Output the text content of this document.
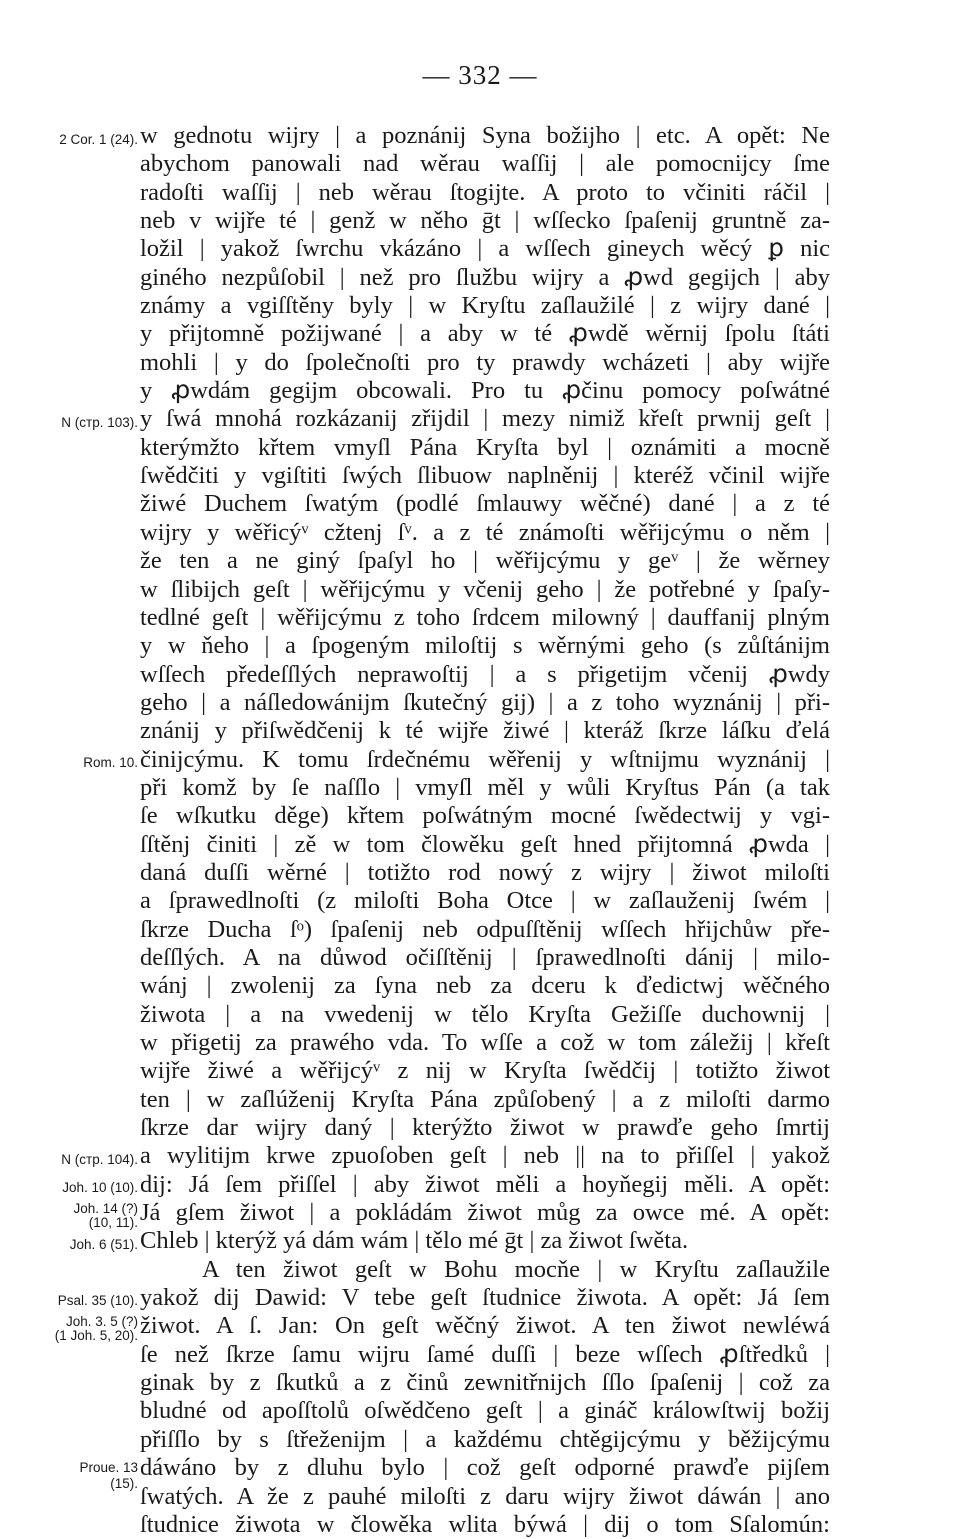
— 332 —
w gednotu wijry | a poznánij Syna božijho | etc. A opět: Ne
abychom panowali nad wěrau waſſij | ale pomocnijcy ſme
radoſti waſſij | neb wěrau ſtogijte. A proto to včiniti ráčil |
neb v wijře té | genž w něho ḡt | wſſecko ſpaſenij gruntně za-
ložil | yakož ſwrchu vkázáno | a wſſech gineych wěcý ꝑ nic
giného nezpůſobil | než pro ſlužbu wijry a ꝓwd gegijch | aby
známy a vgiſſtěny byly | w Kryſtu zaſlaužilé | z wijry dané |
y přijtomně požijwané | a aby w té ꝓwdě wěrnij ſpolu ſtáti
mohli | y do ſpolečnoſti pro ty prawdy wcházeti | aby wijře
y ꝓwdám gegijm obcowali. Pro tu ꝓčinu pomocy poſwátné
y ſwá mnohá rozkázanij zřijdil | mezy nimiž křeſt prwnij geſt |
kterýmžto křtem vmyſl Pána Kryſta byl | oznámiti a mocně
ſwědčiti y vgiſtiti ſwých ſlibuow naplněnij | kteréž včinil wijře
žiwé Duchem ſwatým (podlé ſmlauwy wěčné) dané | a z té
wijry y wěřicýᵛ cžtenj ſᵛ. a z té známoſti wěřijcýmu o něm |
že ten a ne giný ſpaſyl ho | wěřijcýmu y geᵛ | že wěrney
w ſlibijch geſt | wěřijcýmu y včenij geho | že potřebné y ſpaſy-
tedlné geſt | wěřijcýmu z toho ſrdcem milowný | dauffanij plným
y w ňeho | a ſpogeným miloſtij s wěrnými geho (s zůſtánijm
wſſech předeſſlých neprawoſtij | a s přigetijm včenij ꝓwdy
geho | a náſledowánijm ſkutečný gij) | a z toho wyznánij | při-
znánij y přiſwědčenij k té wijře žiwé | kteráž ſkrze láſku ďelá
činijcýmu. K tomu ſrdečnému wěřenij y wſtnijmu wyznánij |
při komž by ſe naſſlo | vmyſl měl y wůli Kryſtus Pán (a tak
ſe wſkutku děge) křtem poſwátným mocné ſwědectwij y vgi-
ſſtěnj činiti | zě w tom člowěku geſt hned přijtomná ꝓwda |
daná duſſi wěrné | totižto rod nowý z wijry | žiwot miloſti
a ſprawedlnoſti (z miloſti Boha Otce | w zaſlauženij ſwém |
ſkrze Ducha ſᵒ) ſpaſenij neb odpuſſtěnij wſſech hřijchůw pře-
deſſlých. A na důwod očiſſtěnij | ſprawedlnoſti dánij | milo-
wánj | zwolenij za ſyna neb za dceru k ďedictwj wěčného
žiwota | a na vwedenij w tělo Kryſta Gežiſſe duchownij |
w přigetij za prawého vda. To wſſe a což w tom záležij | křeſt
wijře žiwé a wěřijcýᵛ z nij w Kryſta ſwědčij | totižto žiwot
ten | w zaſlúženij Kryſta Pána způſobený | a z miloſti darmo
ſkrze dar wijry daný | kterýžto žiwot w prawďe geho ſmrtij
a wylitijm krwe zpuoſoben geſt | neb || na to přiſſel | yakož
dij: Já ſem přiſſel | aby žiwot měli a hoyňegij měli. A opět:
Já gſem žiwot | a pokládám žiwot můg za owce mé. A opět:
Chleb | kterýž yá dám wám | tělo mé ḡt | za žiwot ſwěta.
A ten žiwot geſt w Bohu mocňe | w Kryſtu zaſlaužile
yakož dij Dawid: V tebe geſt ſtudnice žiwota. A opět: Já ſem
žiwot. A ſ. Jan: On geſt wěčný žiwot. A ten žiwot newléwá
ſe než ſkrze ſamu wijru ſamé duſſi | beze wſſech ꝓſtředků |
ginak by z ſkutků a z činů zewnitřnijch ſſlo ſpaſenij | což za
bludné od apoſſtolů oſwědčeno geſt | a gináč králowſtwij božij
přiſſlo by s ſtřeženijm | a každému chtěgijcýmu y běžijcýmu
dáwáno by z dluhu bylo | což geſt odporné prawďe pijſem
ſwatých. A že z pauhé miloſti z daru wijry žiwot dáwán | ano
ſtudnice žiwota w člowěka wlita býwá | dij o tom Sſalomún:
2 Cor. 1 (24).
N (стр. 103).
Rom. 10.
N (стр. 104).
Joh. 10 (10).
Joh. 14 (?)
(10, 11).
Joh. 6 (51).
Psal. 35 (10).
Joh. 3. 5 (?)
(1 Joh. 5, 20).
Proue. 13
(15).
